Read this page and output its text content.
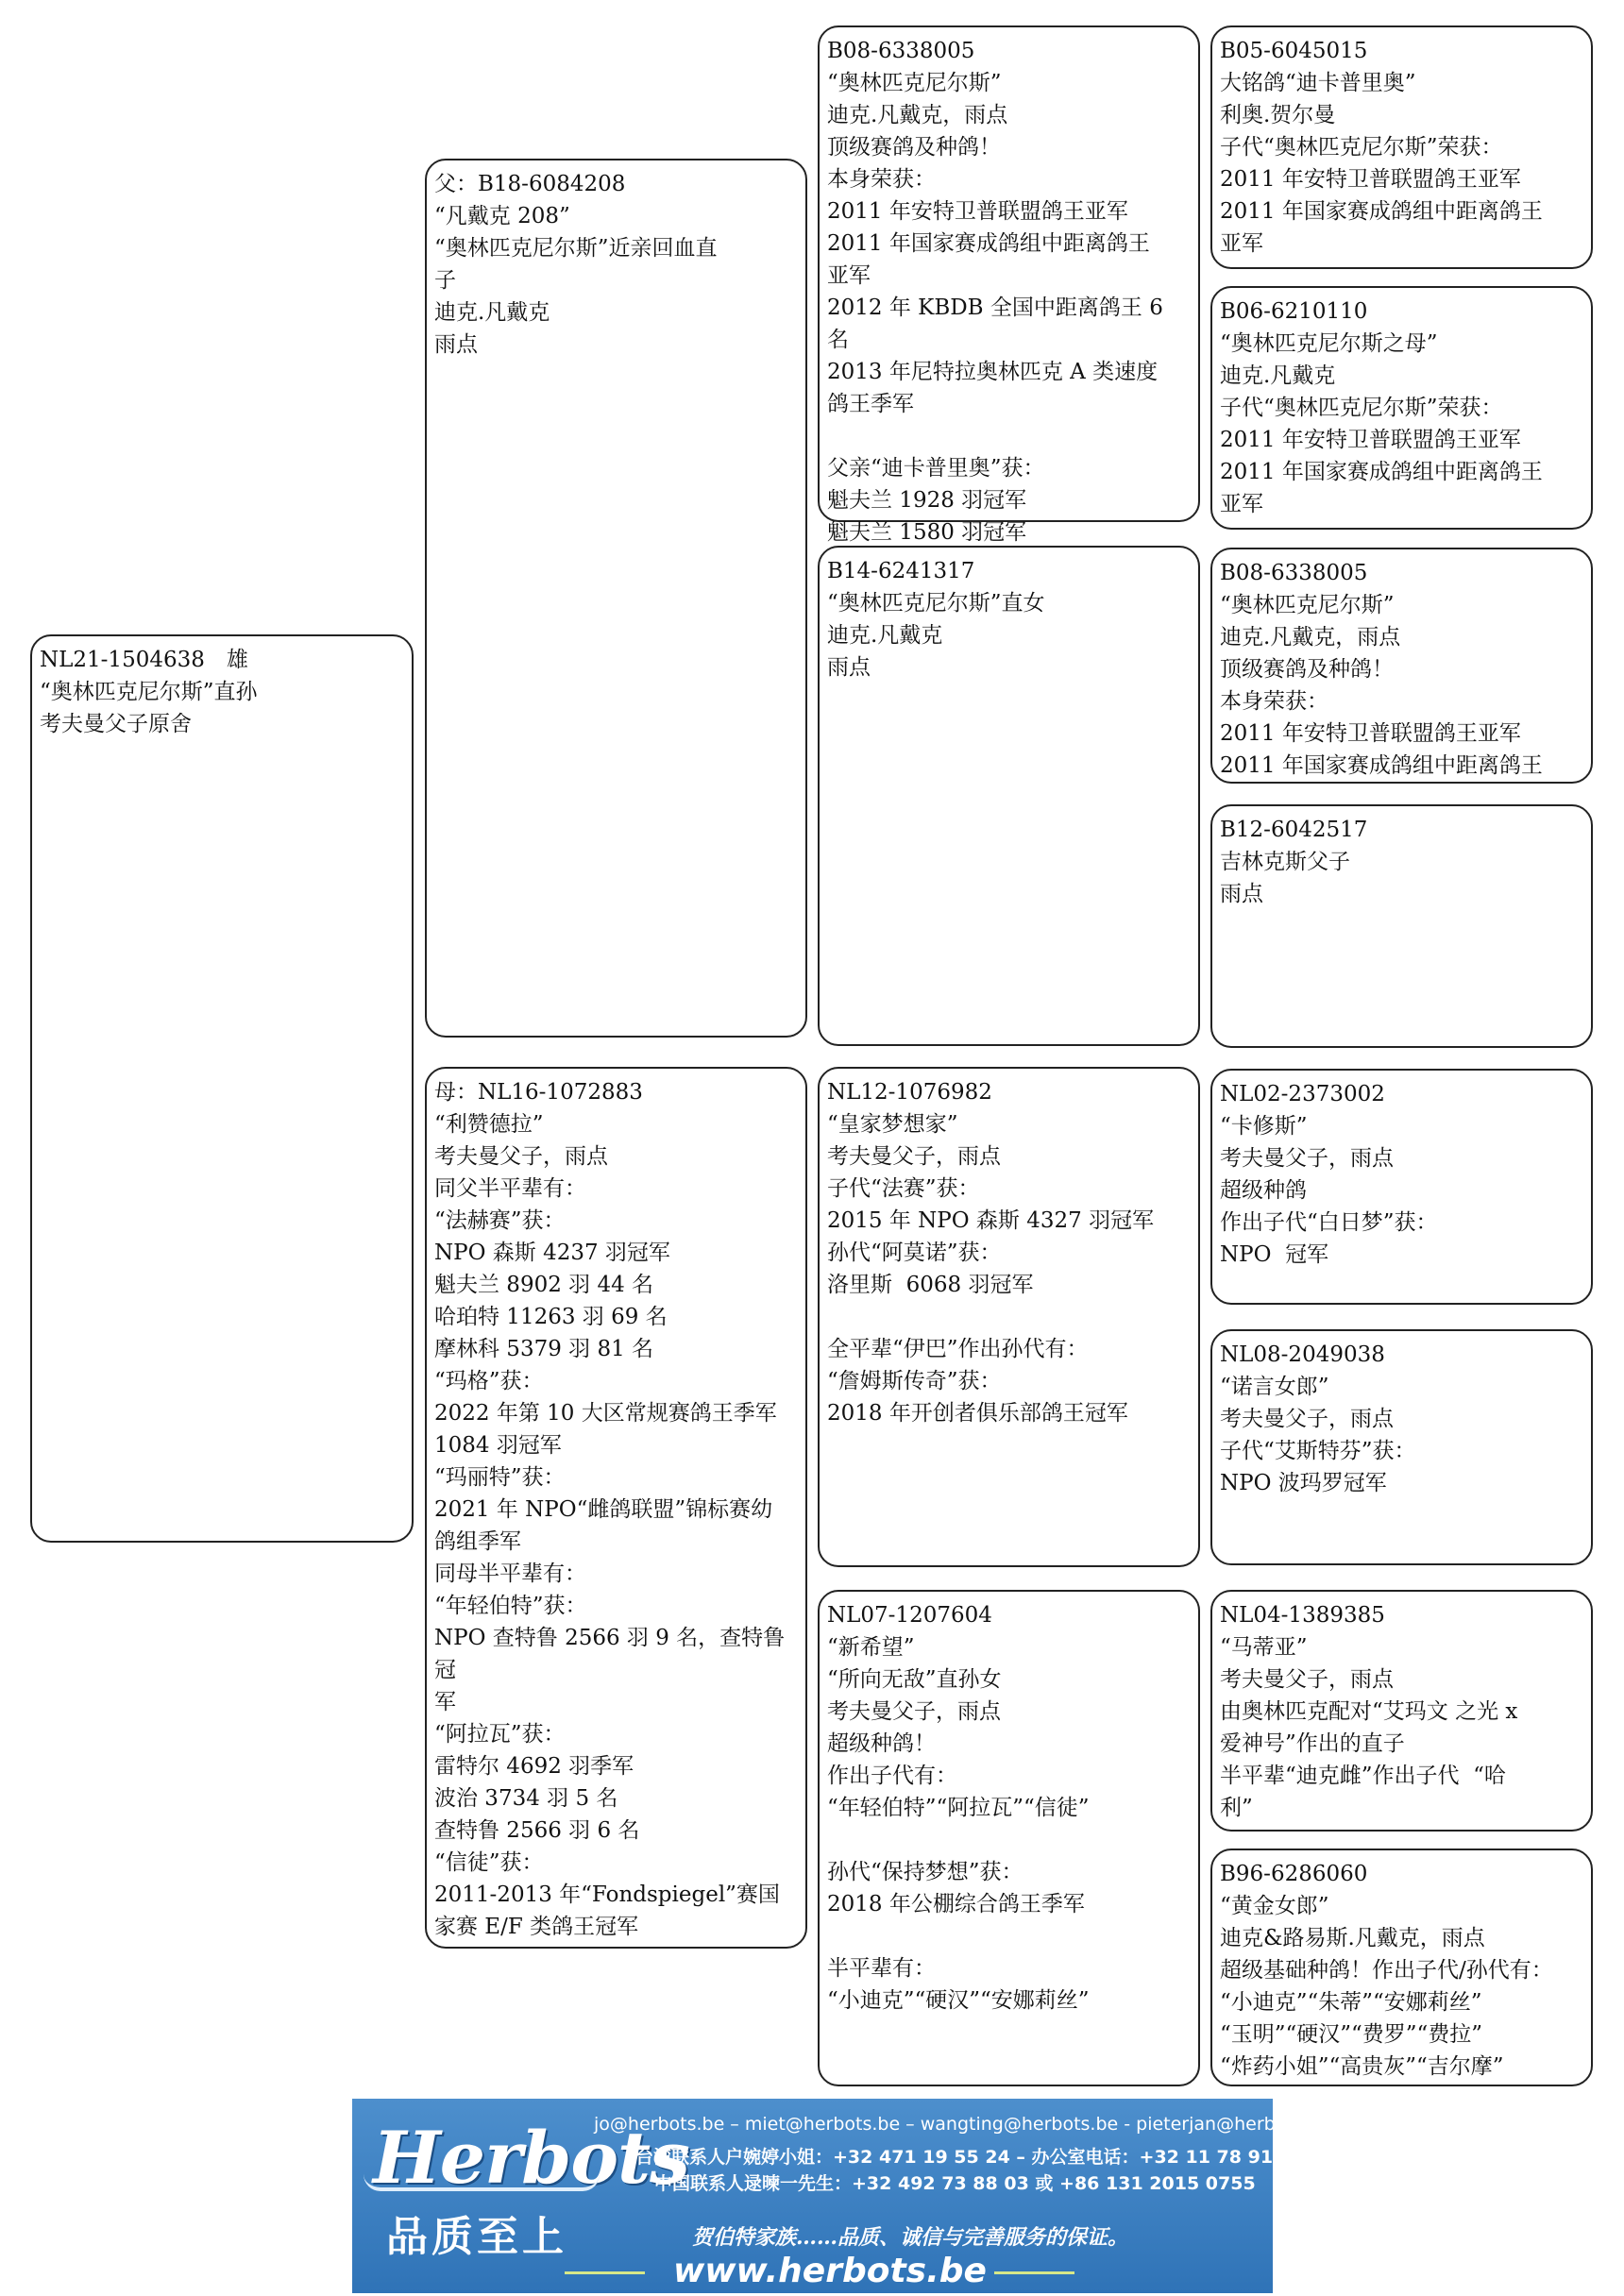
NL21-1504638　雄
“奥林匹克尼尔斯”直孙
考夫曼父子原舍
父：B18-6084208
“凡戴克 208”
“奥林匹克尼尔斯”近亲回血直
子
迪克.凡戴克
雨点
母：NL16-1072883
“利赞德拉”
考夫曼父子，雨点
同父半平辈有：
“法赫赛”获：
NPO 森斯 4237 羽冠军
魁夫兰 8902 羽 44 名
哈珀特 11263 羽 69 名
摩林科 5379 羽 81 名
“玛格”获：
2022 年第 10 大区常规赛鸽王季军
1084 羽冠军
“玛丽特”获：
2021 年 NPO“雌鸽联盟”锦标赛幼
鸽组季军
同母半平辈有：
“年轻伯特”获：
NPO 查特鲁 2566 羽 9 名，查特鲁冠
军
“阿拉瓦”获：
雷特尔 4692 羽季军
波治 3734 羽 5 名
查特鲁 2566 羽 6 名
“信徒”获：
2011-2013 年“Fondspiegel”赛国
家赛 E/F 类鸽王冠军
B08-6338005
“奥林匹克尼尔斯”
迪克.凡戴克，雨点
顶级赛鸽及种鸽！
本身荣获：
2011 年安特卫普联盟鸽王亚军
2011 年国家赛成鸽组中距离鸽王
亚军
2012 年 KBDB 全国中距离鸽王 6 名
2013 年尼特拉奥林匹克 A 类速度
鸽王季军

父亲“迪卡普里奥”获：
魁夫兰 1928 羽冠军
魁夫兰 1580 羽冠军
B14-6241317
“奥林匹克尼尔斯”直女
迪克.凡戴克
雨点
NL12-1076982
“皇家梦想家”
考夫曼父子，雨点
子代“法赛”获：
2015 年 NPO 森斯 4327 羽冠军
孙代“阿莫诺”获：
洛里斯  6068 羽冠军

全平辈“伊巴”作出孙代有：
“詹姆斯传奇”获：
2018 年开创者俱乐部鸽王冠军
NL07-1207604
“新希望”
“所向无敌”直孙女
考夫曼父子，雨点
超级种鸽！
作出子代有：
“年轻伯特”“阿拉瓦”“信徒”

孙代“保持梦想”获：
2018 年公棚综合鸽王季军

半平辈有：
“小迪克”“硬汉”“安娜莉丝”
B05-6045015
大铭鸽“迪卡普里奥”
利奥.贺尔曼
子代“奥林匹克尼尔斯”荣获：
2011 年安特卫普联盟鸽王亚军
2011 年国家赛成鸽组中距离鸽王
亚军
B06-6210110
“奥林匹克尼尔斯之母”
迪克.凡戴克
子代“奥林匹克尼尔斯”荣获：
2011 年安特卫普联盟鸽王亚军
2011 年国家赛成鸽组中距离鸽王
亚军
B08-6338005
“奥林匹克尼尔斯”
迪克.凡戴克，雨点
顶级赛鸽及种鸽！
本身荣获：
2011 年安特卫普联盟鸽王亚军
2011 年国家赛成鸽组中距离鸽王
B12-6042517
吉林克斯父子
雨点
NL02-2373002
“卡修斯”
考夫曼父子，雨点
超级种鸽
作出子代“白日梦”获：
NPO  冠军
NL08-2049038
“诺言女郎”
考夫曼父子，雨点
子代“艾斯特芬”获：
NPO 波玛罗冠军
NL04-1389385
“马蒂亚”
考夫曼父子，雨点
由奥林匹克配对“艾玛文 之光 x
爱神号”作出的直子
半平辈“迪克雌”作出子代  “哈
利”
B96-6286060
“黄金女郎”
迪克&路易斯.凡戴克，雨点
超级基础种鸽！作出子代/孙代有：
“小迪克”“朱蒂”“安娜莉丝”
“玉明”“硬汉”“费罗”“费拉”
“炸药小姐”“高贵灰”“吉尔摩”
Herbots
品质至上
jo@herbots.be – miet@herbots.be – wangting@herbots.be - pieterjan@herbots.be
台湾联系人户婉婷小姐：+32 471 19 55 24 – 办公室电话：+32 11 78 91 90
中国联系人逯暕一先生：+32 492 73 88 03 或 +86 131 2015 0755
贺伯特家族……品质、诚信与完善服务的保证。
www.herbots.be
